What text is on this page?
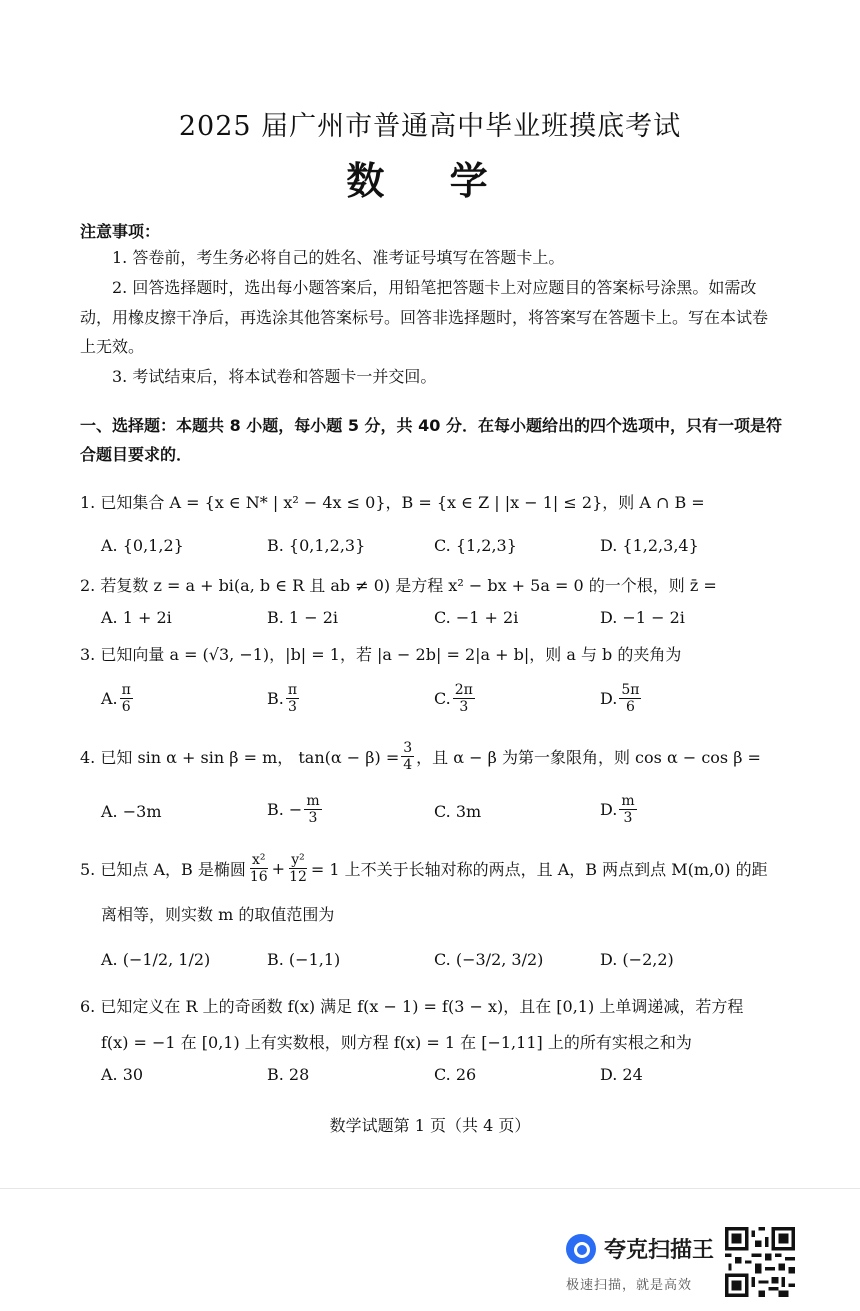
2025 届广州市普通高中毕业班摸底考试
数 学
注意事项：
1. 答卷前，考生务必将自己的姓名、准考证号填写在答题卡上。
2. 回答选择题时，选出每小题答案后，用铅笔把答题卡上对应题目的答案标号涂黑。如需改动，用橡皮擦干净后，再选涂其他答案标号。回答非选择题时，将答案写在答题卡上。写在本试卷上无效。
3. 考试结束后，将本试卷和答题卡一并交回。
一、选择题：本题共 8 小题，每小题 5 分，共 40 分．在每小题给出的四个选项中，只有一项是符合题目要求的．
1. 已知集合 A = {x ∈ N* | x² − 4x ≤ 0}，B = {x ∈ Z | |x − 1| ≤ 2}，则 A ∩ B =
A. {0,1,2}	B. {0,1,2,3}	C. {1,2,3}	D. {1,2,3,4}
2. 若复数 z = a + bi(a, b ∈ R 且 ab ≠ 0) 是方程 x² − bx + 5a = 0 的一个根，则 z̄ =
A. 1 + 2i	B. 1 − 2i	C. −1 + 2i	D. −1 − 2i
3. 已知向量 a = (√3, −1)，|b| = 1，若 |a − 2b| = 2|a + b|，则 a 与 b 的夹角为
A. $\frac{\pi}{6}$	B. $\frac{\pi}{3}$	C. $\frac{2\pi}{3}$	D. $\frac{5\pi}{6}$
4. 已知 sin α + sin β = m， $\tan(\alpha - \beta) = \frac{3}{4}$ ，且 α − β 为第一象限角，则 cos α − cos β =
A. −3m	B. − $\frac{m}{3}$	C. 3m	D. $\frac{m}{3}$
5. 已知点 A，B 是椭圆 $\frac{\text{x²}}{16} + \frac{\text{y²}}{12} = 1$ 上不关于长轴对称的两点，且 A，B 两点到点 M(m,0) 的距
离相等，则实数 m 的取值范围为
A. (−1/2, 1/2)	B. (−1,1)	C. (−3/2, 3/2)	D. (−2,2)
6. 已知定义在 R 上的奇函数 f(x) 满足 f(x − 1) = f(3 − x)，且在 [0,1) 上单调递减，若方程
f(x) = −1 在 [0,1) 上有实数根，则方程 f(x) = 1 在 [−1,11] 上的所有实根之和为
A. 30	B. 28	C. 26	D. 24
数学试题第 1 页（共 4 页）
夸克扫描王
极速扫描，就是高效
